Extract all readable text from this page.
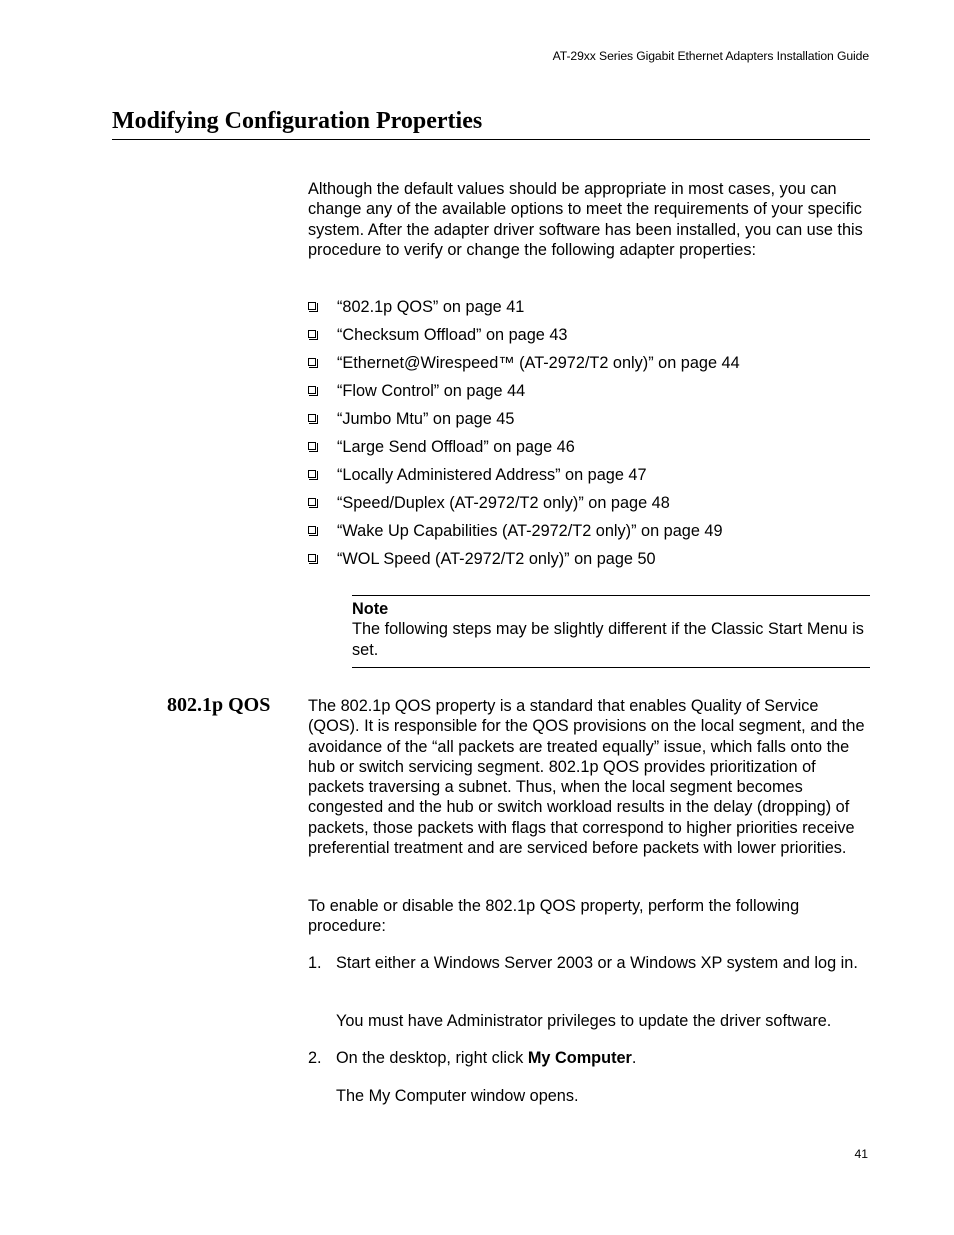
AT-29xx Series Gigabit Ethernet Adapters Installation Guide
Modifying Configuration Properties

Although the default values should be appropriate in most cases, you can change any of the available options to meet the requirements of your specific system. After the adapter driver software has been installed, you can use this procedure to verify or change the following adapter properties:

“802.1p QOS” on page 41
“Checksum Offload” on page 43
“Ethernet@Wirespeed™ (AT-2972/T2 only)” on page 44
“Flow Control” on page 44
“Jumbo Mtu” on page 45
“Large Send Offload” on page 46
“Locally Administered Address” on page 47
“Speed/Duplex (AT-2972/T2 only)” on page 48
“Wake Up Capabilities (AT-2972/T2 only)” on page 49
“WOL Speed (AT-2972/T2 only)” on page 50
Note
The following steps may be slightly different if the Classic Start Menu is set.
802.1p QOS The 802.1p QOS property is a standard that enables Quality of Service (QOS). It is responsible for the QOS provisions on the local segment, and the avoidance of the “all packets are treated equally” issue, which falls onto the hub or switch servicing segment. 802.1p QOS provides prioritization of packets traversing a subnet. Thus, when the local segment becomes congested and the hub or switch workload results in the delay (dropping) of packets, those packets with flags that correspond to higher priorities receive preferential treatment and are serviced before packets with lower priorities.

To enable or disable the 802.1p QOS property, perform the following procedure:

1. Start either a Windows Server 2003 or a Windows XP system and log in.
You must have Administrator privileges to update the driver software.
2. On the desktop, right click My Computer.
The My Computer window opens.
41
